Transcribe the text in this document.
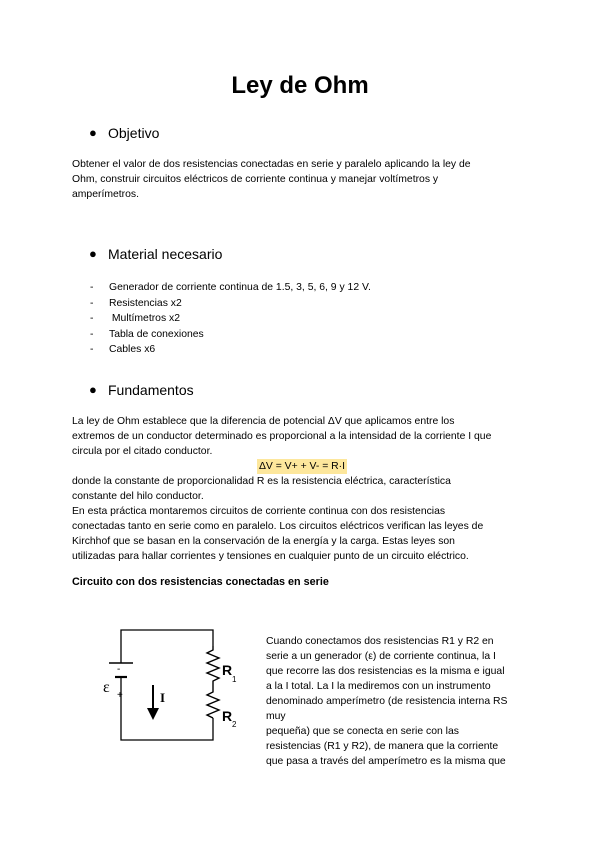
Ley de Ohm
● Objetivo

Obtener el valor de dos resistencias conectadas en serie y paralelo aplicando la ley de
Ohm, construir circuitos eléctricos de corriente continua y manejar voltímetros y
amperímetros.

● Material necesario
- Generador de corriente continua de 1.5, 3, 5, 6, 9 y 12 V.
- Resistencias x2
- Multímetros x2
- Tabla de conexiones
- Cables x6
● Fundamentos

La ley de Ohm establece que la diferencia de potencial ΔV que aplicamos entre los
extremos de un conductor determinado es proporcional a la intensidad de la corriente I que
circula por el citado conductor.
ΔV = V+ + V- = R·I
donde la constante de proporcionalidad R es la resistencia eléctrica, característica
constante del hilo conductor.
En esta práctica montaremos circuitos de corriente continua con dos resistencias
conectadas tanto en serie como en paralelo. Los circuitos eléctricos verifican las leyes de
Kirchhof que se basan en la conservación de la energía y la carga. Estas leyes son
utilizadas para hallar corrientes y tensiones en cualquier punto de un circuito eléctrico.

Circuito con dos resistencias conectadas en serie
ε
-
+	I
R
1
R
2

Cuando conectamos dos resistencias R1 y R2 en
serie a un generador (ε) de corriente continua, la I
que recorre las dos resistencias es la misma e igual
a la I total. La I la mediremos con un instrumento
denominado amperímetro (de resistencia interna RS
muy
pequeña) que se conecta en serie con las
resistencias (R1 y R2), de manera que la corriente
que pasa a través del amperímetro es la misma que
